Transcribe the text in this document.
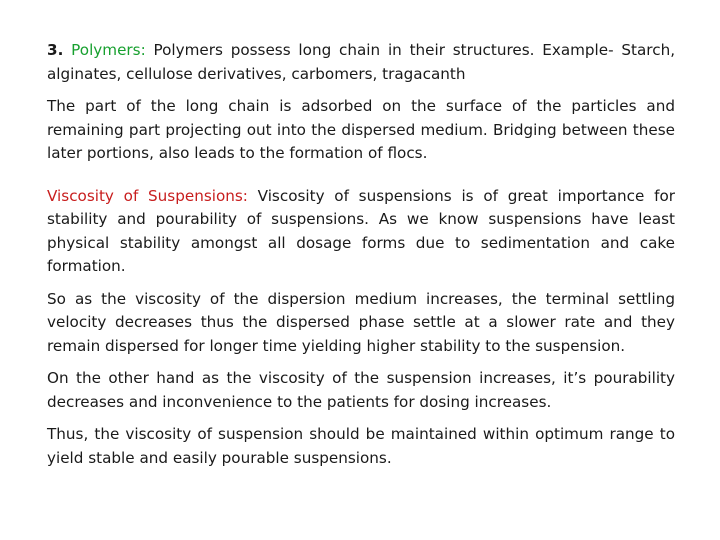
3. Polymers: Polymers possess long chain in their structures. Example- Starch, alginates, cellulose derivatives, carbomers, tragacanth

The part of the long chain is adsorbed on the surface of the particles and remaining part projecting out into the dispersed medium. Bridging between these later portions, also leads to the formation of flocs.

Viscosity of Suspensions: Viscosity of suspensions is of great importance for stability and pourability of suspensions. As we know suspensions have least physical stability amongst all dosage forms due to sedimentation and cake formation.

So as the viscosity of the dispersion medium increases, the terminal settling velocity decreases thus the dispersed phase settle at a slower rate and they remain dispersed for longer time yielding higher stability to the suspension.

On the other hand as the viscosity of the suspension increases, it’s pourability decreases and inconvenience to the patients for dosing increases.

Thus, the viscosity of suspension should be maintained within optimum range to yield stable and easily pourable suspensions.
